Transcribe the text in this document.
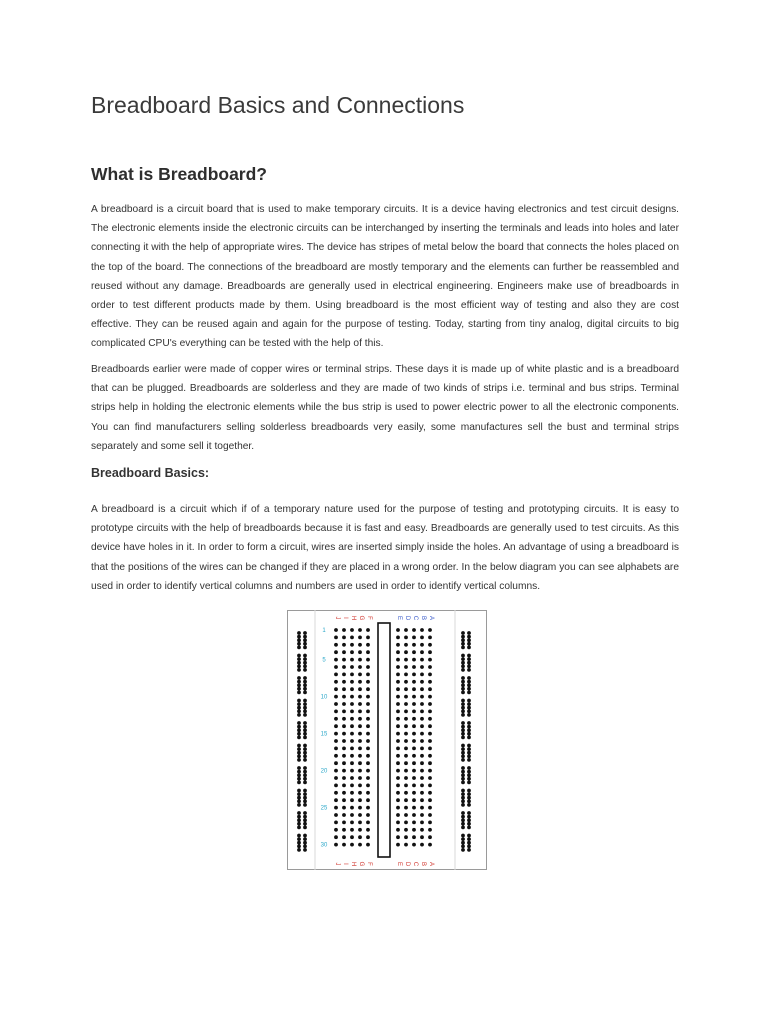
Breadboard Basics and Connections
What is Breadboard?

A breadboard is a circuit board that is used to make temporary circuits. It is a device having electronics and test circuit designs. The electronic elements inside the electronic circuits can be interchanged by inserting the terminals and leads into holes and later connecting it with the help of appropriate wires. The device has stripes of metal below the board that connects the holes placed on the top of the board. The connections of the breadboard are mostly temporary and the elements can further be reassembled and reused without any damage. Breadboards are generally used in electrical engineering. Engineers make use of breadboards in order to test different products made by them. Using breadboard is the most efficient way of testing and also they are cost effective. They can be reused again and again for the purpose of testing. Today, starting from tiny analog, digital circuits to big complicated CPU's everything can be tested with the help of this.

Breadboards earlier were made of copper wires or terminal strips. These days it is made up of white plastic and is a breadboard that can be plugged. Breadboards are solderless and they are made of two kinds of strips i.e. terminal and bus strips. Terminal strips help in holding the electronic elements while the bus strip is used to power electric power to all the electronic components. You can find manufacturers selling solderless breadboards very easily, some manufactures sell the bust and terminal strips separately and some sell it together.

Breadboard Basics:

A breadboard is a circuit which if of a temporary nature used for the purpose of testing and prototyping circuits. It is easy to prototype circuits with the help of breadboards because it is fast and easy. Breadboards are generally used to test circuits. As this device have holes in it. In order to form a circuit, wires are inserted simply inside the holes. An advantage of using a breadboard is that the positions of the wires can be changed if they are placed in a wrong order. In the below diagram you can see alphabets are used in order to identify vertical columns and numbers are used in order to identify vertical columns.

J
J
I
I
H
H
G
G
F
F
E
E
D
D
C
C
B
B
A
A
1
5
10
15
20
25
30
